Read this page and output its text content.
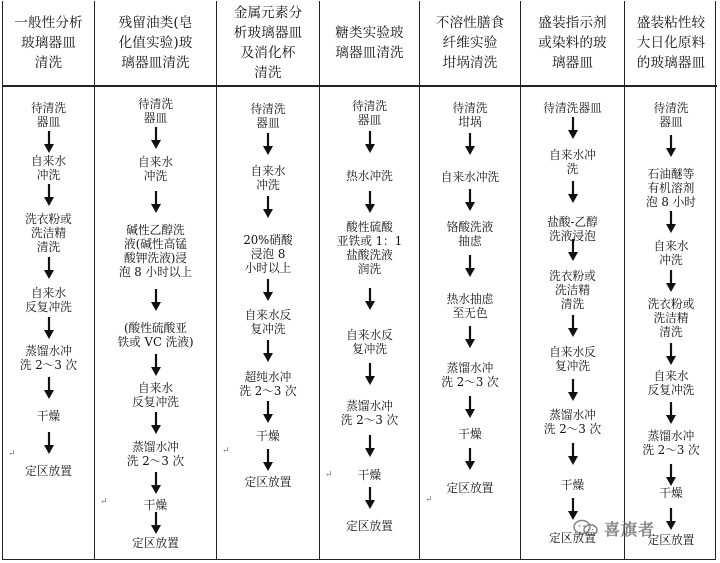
一般性分析
玻璃器皿
清洗
待清洗
器皿
自来水
冲洗
洗衣粉或
洗洁精
清洗
自来水
反复冲洗
蒸馏水冲
洗 2～3 次
干燥
定区放置
↵
残留油类(皂
化值实验)玻
璃器皿清洗
待清洗
器皿
自来水
冲洗
碱性乙醇洗
液(碱性高锰
酸钾洗液)浸
泡 8 小时以上
(酸性硫酸亚
铁或 VC 洗液)
自来水
反复冲洗
蒸馏水冲
洗 2～3 次
干燥
定区放置
↵
金属元素分
析玻璃器皿
及消化杯
清洗
待清洗
器皿
自来水
冲洗
20%硝酸
浸泡 8
小时以上
自来水反
复冲洗
超纯水冲
洗 2～3 次
干燥
定区放置
↵
糖类实验玻
璃器皿清洗
待清洗
器皿
热水冲洗
酸性硫酸
亚铁或 1：1
盐酸洗液
润洗
自来水反
复冲洗
蒸馏水冲
洗 2～3 次
干燥
定区放置
↵
不溶性膳食
纤维实验
坩埚清洗
待清洗
坩埚
自来水冲洗
铬酸洗液
抽虑
热水抽虑
至无色
蒸馏水冲
洗 2～3 次
干燥
定区放置
↵
盛装指示剂
或染料的玻
璃器皿
待清洗器皿
自来水冲
洗
盐酸-乙醇
洗液浸泡
洗衣粉或
洗洁精
清洗
自来水反
复冲洗
蒸馏水冲
洗 2～3 次
干燥
定区放置
盛装粘性较
大日化原料
的玻璃器皿
待清洗
器皿
石油醚等
有机溶剂
泡 8 小时
自来水
冲洗
洗衣粉或
洗洁精
清洗
自来水
反复冲洗
蒸馏水冲
洗 2～3 次
干燥
定区放置
喜旗者
